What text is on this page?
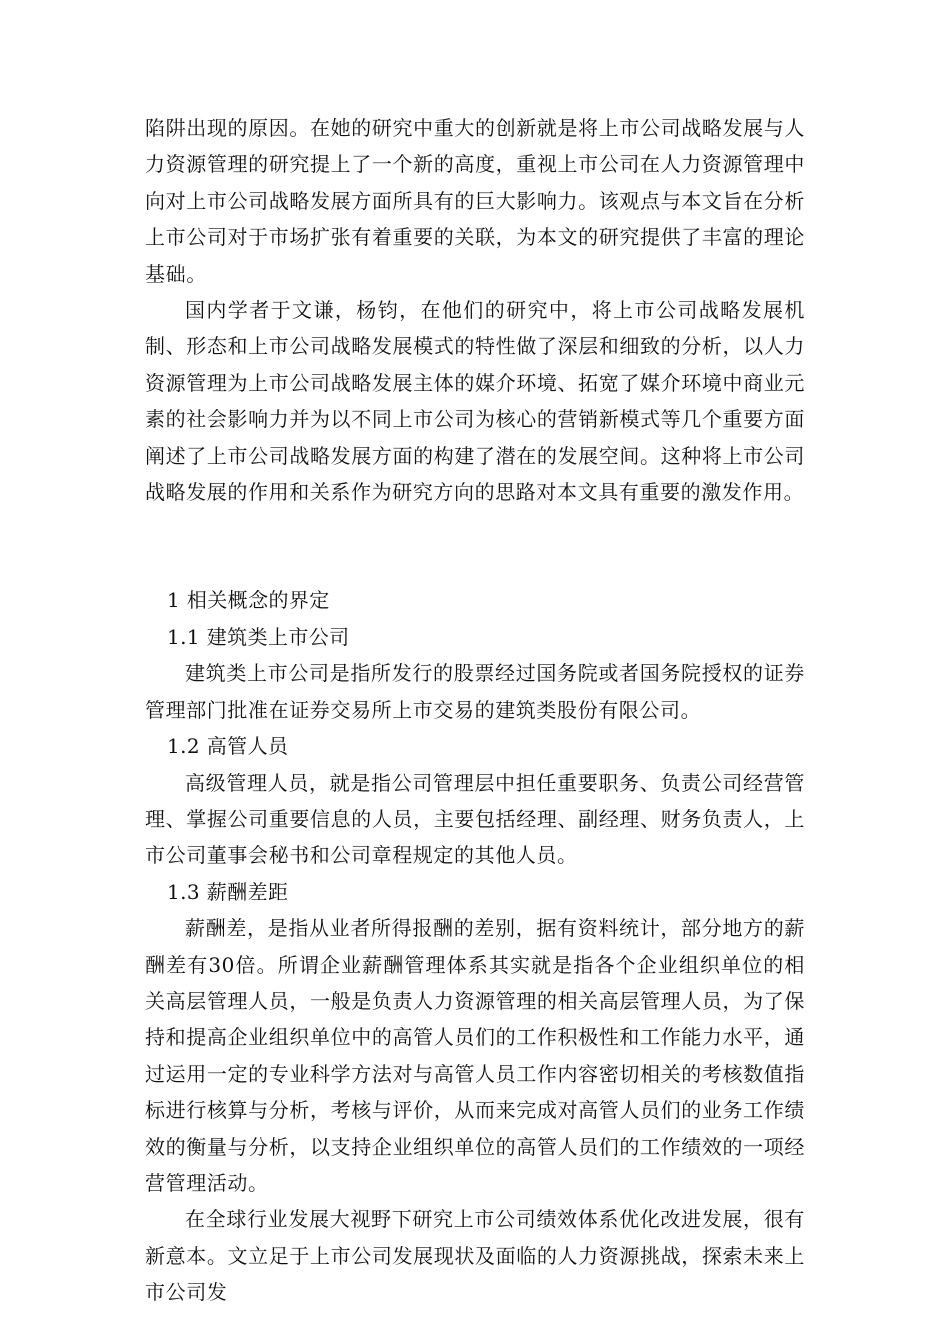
陷阱出现的原因。在她的研究中重大的创新就是将上市公司战略发展与人力资源管理的研究提上了一个新的高度，重视上市公司在人力资源管理中向对上市公司战略发展方面所具有的巨大影响力。该观点与本文旨在分析上市公司对于市场扩张有着重要的关联，为本文的研究提供了丰富的理论基础。

国内学者于文谦，杨钧，在他们的研究中，将上市公司战略发展机制、形态和上市公司战略发展模式的特性做了深层和细致的分析，以人力资源管理为上市公司战略发展主体的媒介环境、拓宽了媒介环境中商业元素的社会影响力并为以不同上市公司为核心的营销新模式等几个重要方面阐述了上市公司战略发展方面的构建了潜在的发展空间。这种将上市公司战略发展的作用和关系作为研究方向的思路对本文具有重要的激发作用。

1 相关概念的界定

1.1 建筑类上市公司

建筑类上市公司是指所发行的股票经过国务院或者国务院授权的证券管理部门批准在证券交易所上市交易的建筑类股份有限公司。

1.2 高管人员

高级管理人员，就是指公司管理层中担任重要职务、负责公司经营管理、掌握公司重要信息的人员，主要包括经理、副经理、财务负责人，上市公司董事会秘书和公司章程规定的其他人员。

1.3 薪酬差距

薪酬差，是指从业者所得报酬的差别，据有资料统计，部分地方的薪酬差有30倍。所谓企业薪酬管理体系其实就是指各个企业组织单位的相关高层管理人员，一般是负责人力资源管理的相关高层管理人员，为了保持和提高企业组织单位中的高管人员们的工作积极性和工作能力水平，通过运用一定的专业科学方法对与高管人员工作内容密切相关的考核数值指标进行核算与分析，考核与评价，从而来完成对高管人员们的业务工作绩效的衡量与分析，以支持企业组织单位的高管人员们的工作绩效的一项经营管理活动。

在全球行业发展大视野下研究上市公司绩效体系优化改进发展，很有新意本。文立足于上市公司发展现状及面临的人力资源挑战，探索未来上市公司发
